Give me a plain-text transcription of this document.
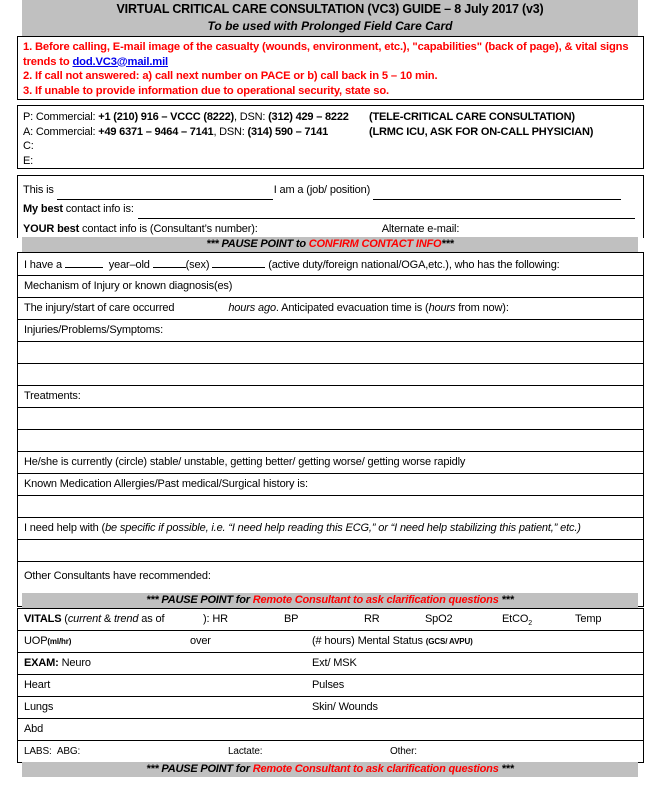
VIRTUAL CRITICAL CARE CONSULTATION (VC3) GUIDE – 8 July 2017 (v3)
To be used with Prolonged Field Care Card
1. Before calling, E-mail image of the casualty (wounds, environment, etc.), "capabilities" (back of page), & vital signs trends to dod.VC3@mail.mil
2. If call not answered: a) call next number on PACE or b) call back in 5 – 10 min.
3. If unable to provide information due to operational security, state so.
P: Commercial: +1 (210) 916 – VCCC (8222), DSN: (312) 429 – 8222	(TELE-CRITICAL CARE CONSULTATION)
A: Commercial: +49 6371 – 9464 – 7141, DSN: (314) 590 – 7141	(LRMC ICU, ASK FOR ON-CALL PHYSICIAN)
C:
E:
This is	I am a (job/ position)
My best contact info is:
YOUR best contact info is (Consultant’s number):	Alternate e-mail:
*** PAUSE POINT to CONFIRM CONTACT INFO***
I have a	year–old	(sex)	(active duty/foreign national/OGA,etc.), who has the following:
Mechanism of Injury or known diagnosis(es)
The injury/start of care occurred	hours ago. Anticipated evacuation time is (hours from now):
Injuries/Problems/Symptoms:
Treatments:
He/she is currently (circle) stable/ unstable, getting better/ getting worse/ getting worse rapidly
Known Medication Allergies/Past medical/Surgical history is:
I need help with (be specific if possible, i.e. “I need help reading this ECG,” or “I need help stabilizing this patient,” etc.)
Other Consultants have recommended:
*** PAUSE POINT for Remote Consultant to ask clarification questions ***
VITALS (current & trend as of	): HR	BP	RR	SpO2	EtCO$_2$	Temp
UOP(ml/hr)	over	(# hours) Mental Status (GCS/ AVPU)
EXAM: Neuro	Ext/ MSK
Heart	Pulses
Lungs	Skin/ Wounds
Abd
LABS: ABG:	Lactate:	Other:
*** PAUSE POINT for Remote Consultant to ask clarification questions ***
